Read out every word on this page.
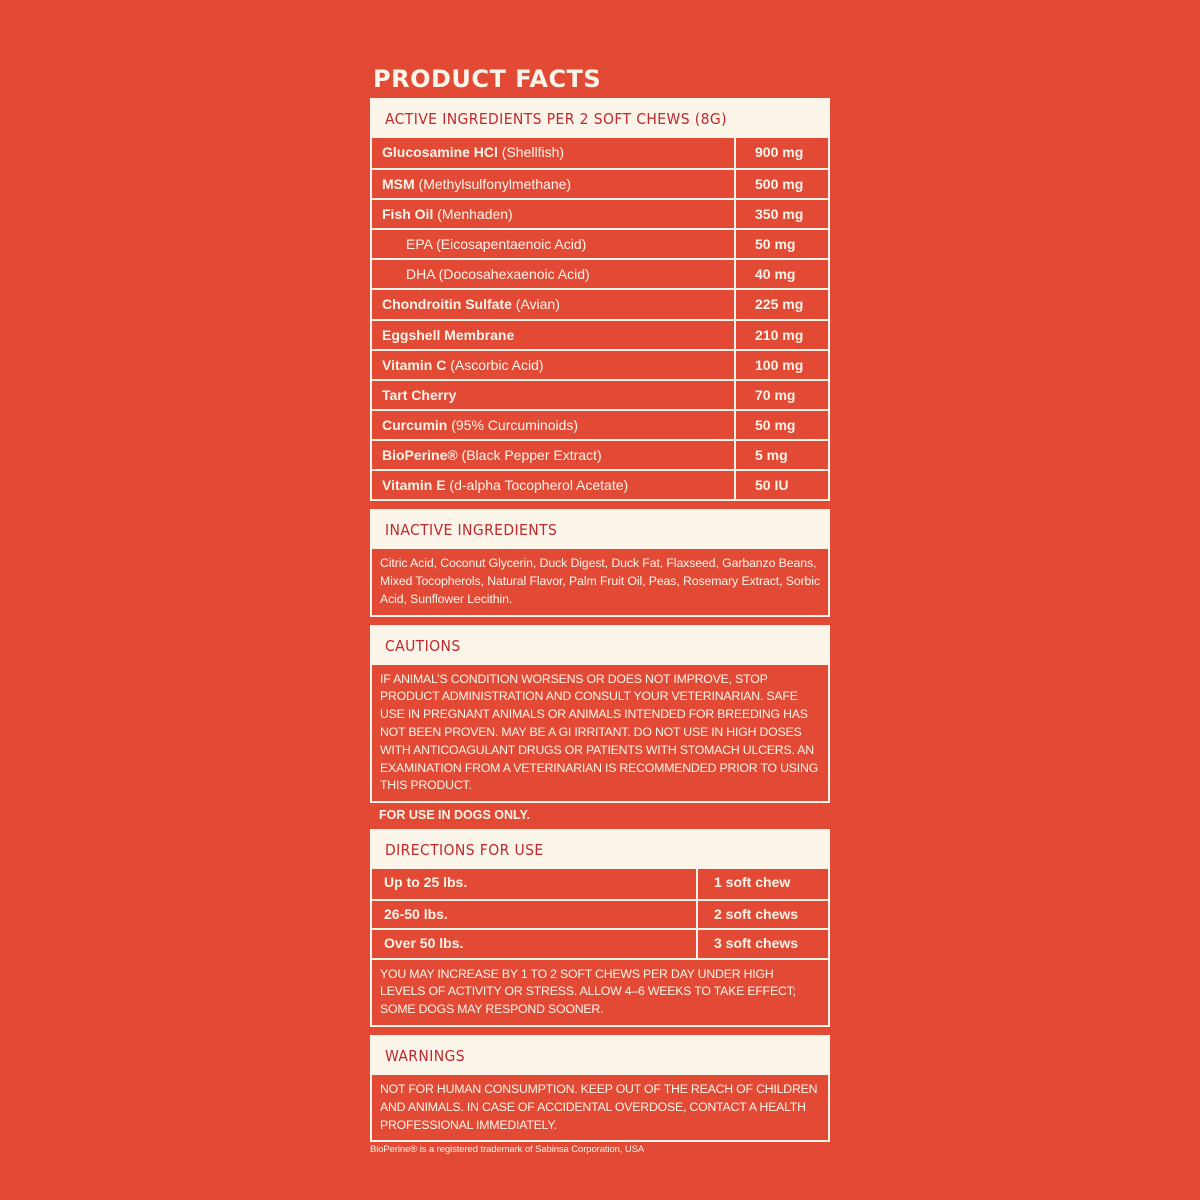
PRODUCT FACTS
ACTIVE INGREDIENTS PER 2 SOFT CHEWS (8G)
Glucosamine HCl (Shellfish)	900 mg
MSM (Methylsulfonylmethane)	500 mg
Fish Oil (Menhaden)	350 mg
EPA (Eicosapentaenoic Acid)	50 mg
DHA (Docosahexaenoic Acid)	40 mg
Chondroitin Sulfate (Avian)	225 mg
Eggshell Membrane	210 mg
Vitamin C (Ascorbic Acid)	100 mg
Tart Cherry	70 mg
Curcumin (95% Curcuminoids)	50 mg
BioPerine® (Black Pepper Extract)	5 mg
Vitamin E (d-alpha Tocopherol Acetate)	50 IU
INACTIVE INGREDIENTS
Citric Acid, Coconut Glycerin, Duck Digest, Duck Fat, Flaxseed, Garbanzo Beans, Mixed Tocopherols, Natural Flavor, Palm Fruit Oil, Peas, Rosemary Extract, Sorbic Acid, Sunflower Lecithin.
CAUTIONS
IF ANIMAL’S CONDITION WORSENS OR DOES NOT IMPROVE, STOP PRODUCT ADMINISTRATION AND CONSULT YOUR VETERINARIAN. SAFE USE IN PREGNANT ANIMALS OR ANIMALS INTENDED FOR BREEDING HAS NOT BEEN PROVEN. MAY BE A GI IRRITANT. DO NOT USE IN HIGH DOSES WITH ANTICOAGULANT DRUGS OR PATIENTS WITH STOMACH ULCERS. AN EXAMINATION FROM A VETERINARIAN IS RECOMMENDED PRIOR TO USING THIS PRODUCT.
FOR USE IN DOGS ONLY.
DIRECTIONS FOR USE
Up to 25 lbs.	1 soft chew
26-50 lbs.	2 soft chews
Over 50 lbs.	3 soft chews
YOU MAY INCREASE BY 1 TO 2 SOFT CHEWS PER DAY UNDER HIGH LEVELS OF ACTIVITY OR STRESS. ALLOW 4–6 WEEKS TO TAKE EFFECT; SOME DOGS MAY RESPOND SOONER.
WARNINGS
NOT FOR HUMAN CONSUMPTION. KEEP OUT OF THE REACH OF CHILDREN AND ANIMALS. IN CASE OF ACCIDENTAL OVERDOSE, CONTACT A HEALTH PROFESSIONAL IMMEDIATELY.
BioPerine® is a registered trademark of Sabinsa Corporation, USA
